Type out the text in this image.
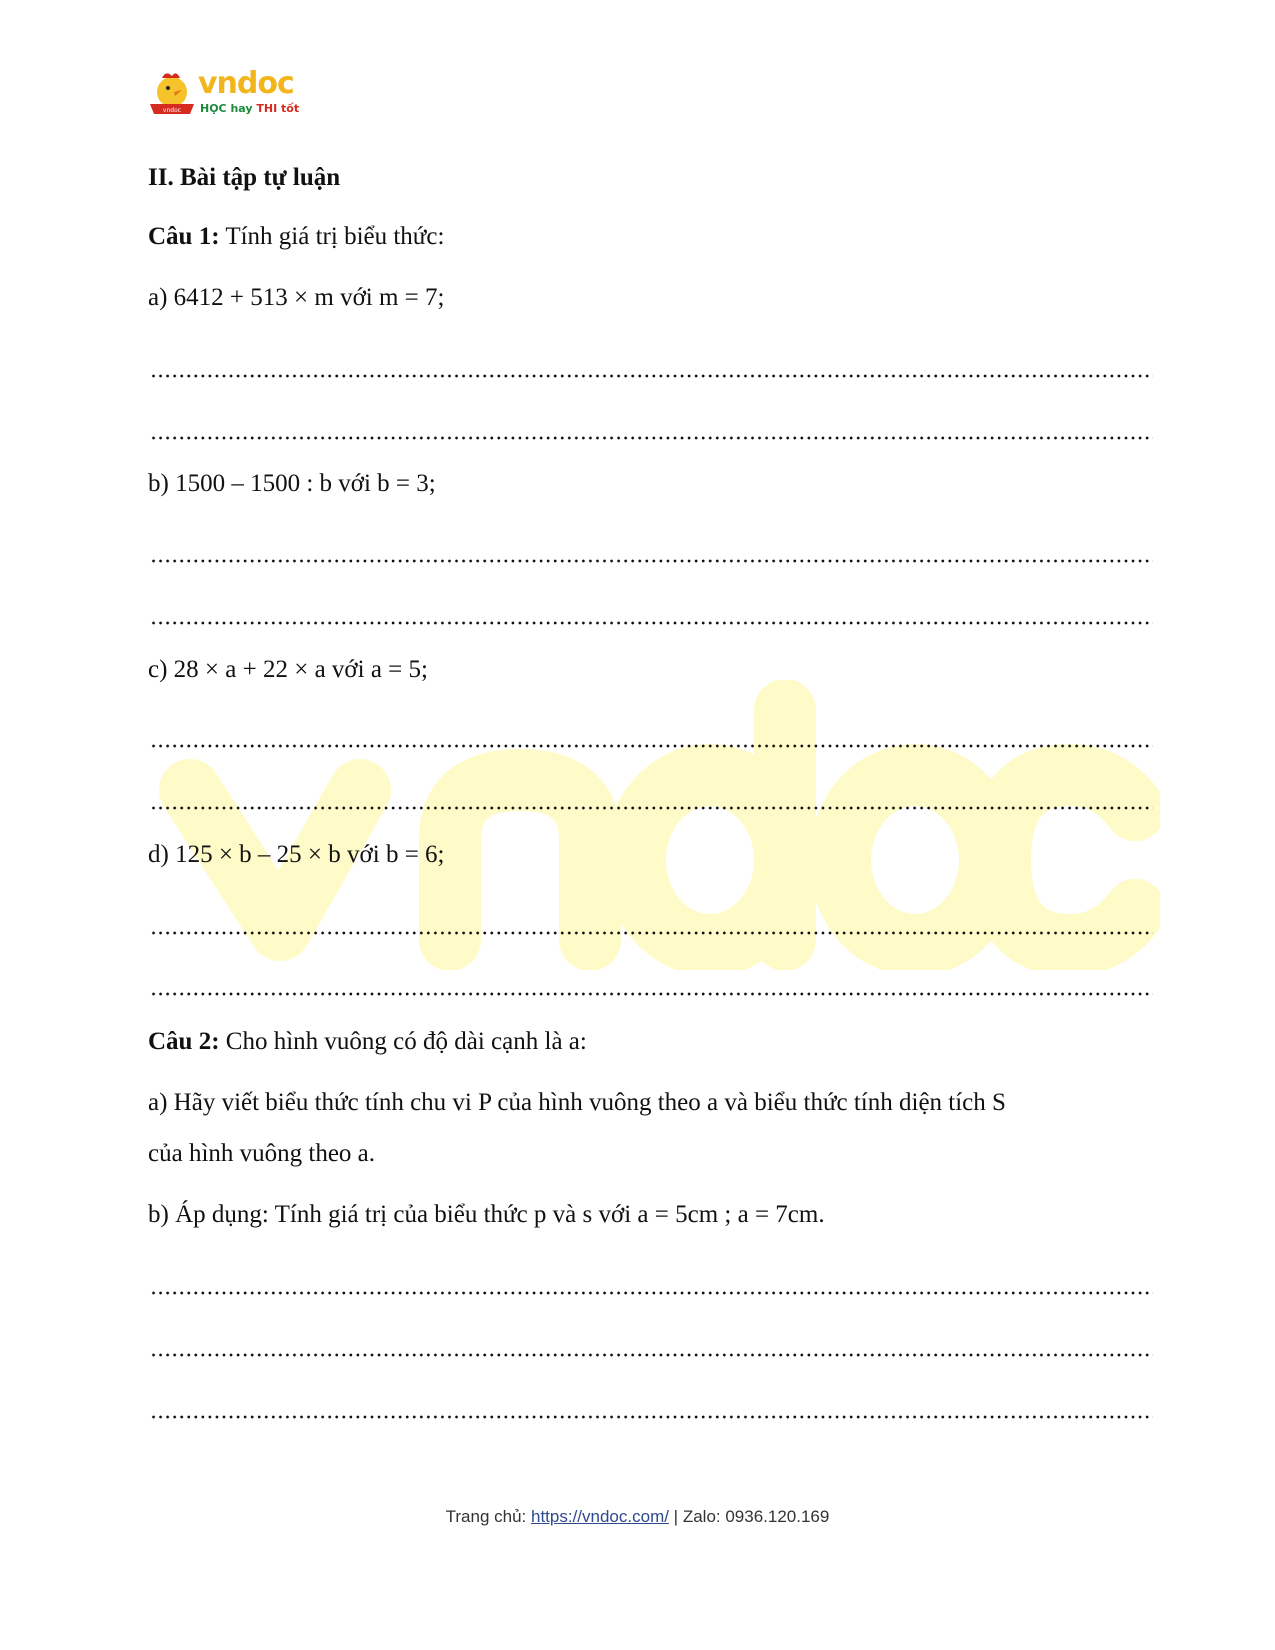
vndoc
vndoc
HỌC hay THI tốt
II. Bài tập tự luận
Câu 1: Tính giá trị biểu thức:
a) 6412 + 513 × m với m = 7;
b) 1500 – 1500 : b với b = 3;
c) 28 × a + 22 × a với a = 5;
d) 125 × b – 25 × b với b = 6;
Câu 2: Cho hình vuông có độ dài cạnh là a:
a) Hãy viết biểu thức tính chu vi P của hình vuông theo a và biểu thức tính diện tích S
của hình vuông theo a.
b) Áp dụng: Tính giá trị của biểu thức p và s với a = 5cm ; a = 7cm.
Trang chủ: https://vndoc.com/ | Zalo: 0936.120.169
